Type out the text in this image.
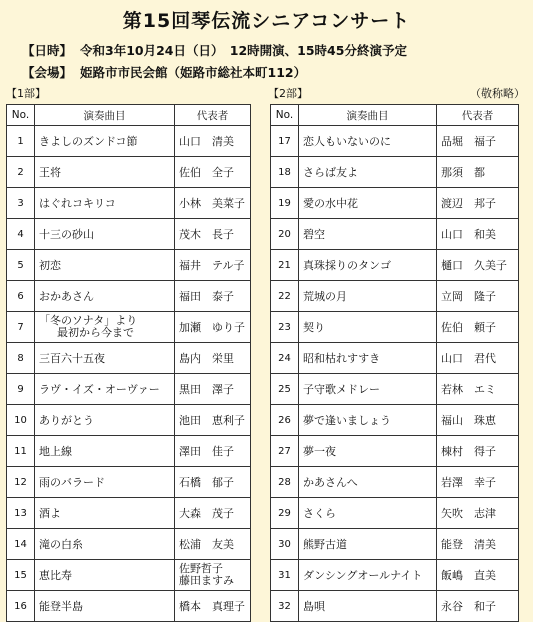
第15回琴伝流シニアコンサート
【日時】 令和3年10月24日（日）　12時開演、15時45分終演予定
【会場】 姫路市市民会館（姫路市総社本町112）
【1部】	【2部】	（敬称略）
No.	演奏曲目	代表者
1	きよしのズンドコ節	山口　清美
2	王将	佐伯　全子
3	はぐれコキリコ	小林　美菜子
4	十三の砂山	茂木　長子
5	初恋	福井　テル子
6	おかあさん	福田　泰子
7	「冬のソナタ」より
最初から今まで	加瀬　ゆり子
8	三百六十五夜	島内　栄里
9	ラヴ・イズ・オーヴァー	黒田　澤子
10	ありがとう	池田　恵利子
11	地上線	澤田　佳子
12	雨のバラード	石橋　郁子
13	酒よ	大森　茂子
14	滝の白糸	松浦　友美
15	恵比寿	佐野哲子
藤田ますみ

16	能登半島	橋本　真理子
No.	演奏曲目	代表者
17	恋人もいないのに	品堀　福子
18	さらば友よ	那須　都
19	愛の水中花	渡辺　邦子
20	碧空	山口　和美
21	真珠採りのタンゴ	樋口　久美子
22	荒城の月	立岡　隆子
23	契り	佐伯　頼子
24	昭和枯れすすき	山口　君代
25	子守歌メドレー	若林　エミ
26	夢で逢いましょう	福山　珠恵
27	夢一夜	棟村　得子
28	かあさんへ	岩澤　幸子
29	さくら	矢吹　志津
30	熊野古道	能登　清美
31	ダンシングオールナイト	飯嶋　直美
32	島唄	永谷　和子
